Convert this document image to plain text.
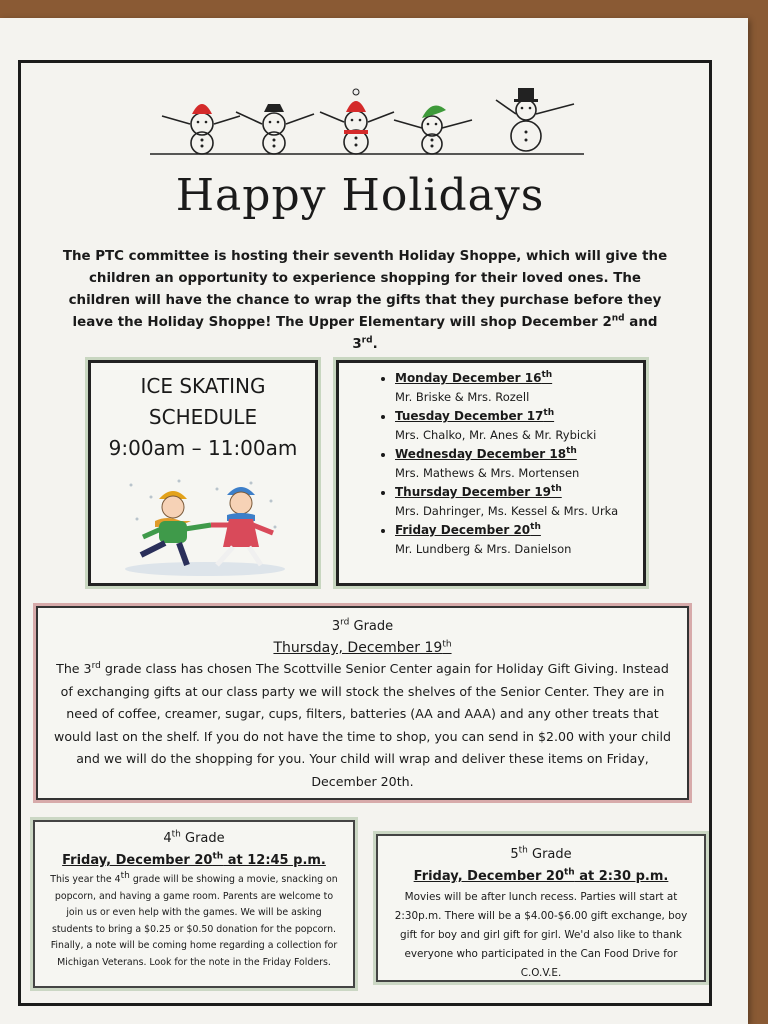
Happy Holidays
The PTC committee is hosting their seventh Holiday Shoppe, which will give the children an opportunity to experience shopping for their loved ones. The children will have the chance to wrap the gifts that they purchase before they leave the Holiday Shoppe! The Upper Elementary will shop December 2nd and 3rd.
ICE SKATING
SCHEDULE
9:00am – 11:00am
• Monday December 16th
Mr. Briske & Mrs. Rozell
• Tuesday December 17th
Mrs. Chalko, Mr. Anes & Mr. Rybicki
• Wednesday December 18th
Mrs. Mathews & Mrs. Mortensen
• Thursday December 19th
Mrs. Dahringer, Ms. Kessel & Mrs. Urka
• Friday December 20th
Mr. Lundberg & Mrs. Danielson
3rd Grade
Thursday, December 19th
The 3rd grade class has chosen The Scottville Senior Center again for Holiday Gift Giving. Instead of exchanging gifts at our class party we will stock the shelves of the Senior Center. They are in need of coffee, creamer, sugar, cups, filters, batteries (AA and AAA) and any other treats that would last on the shelf. If you do not have the time to shop, you can send in $2.00 with your child and we will do the shopping for you. Your child will wrap and deliver these items on Friday, December 20th.
4th Grade
Friday, December 20th at 12:45 p.m.
This year the 4th grade will be showing a movie, snacking on popcorn, and having a game room. Parents are welcome to join us or even help with the games. We will be asking students to bring a $0.25 or $0.50 donation for the popcorn. Finally, a note will be coming home regarding a collection for Michigan Veterans. Look for the note in the Friday Folders.
5th Grade
Friday, December 20th at 2:30 p.m.
Movies will be after lunch recess. Parties will start at 2:30p.m. There will be a $4.00-$6.00 gift exchange, boy gift for boy and girl gift for girl. We'd also like to thank everyone who participated in the Can Food Drive for C.O.V.E.
